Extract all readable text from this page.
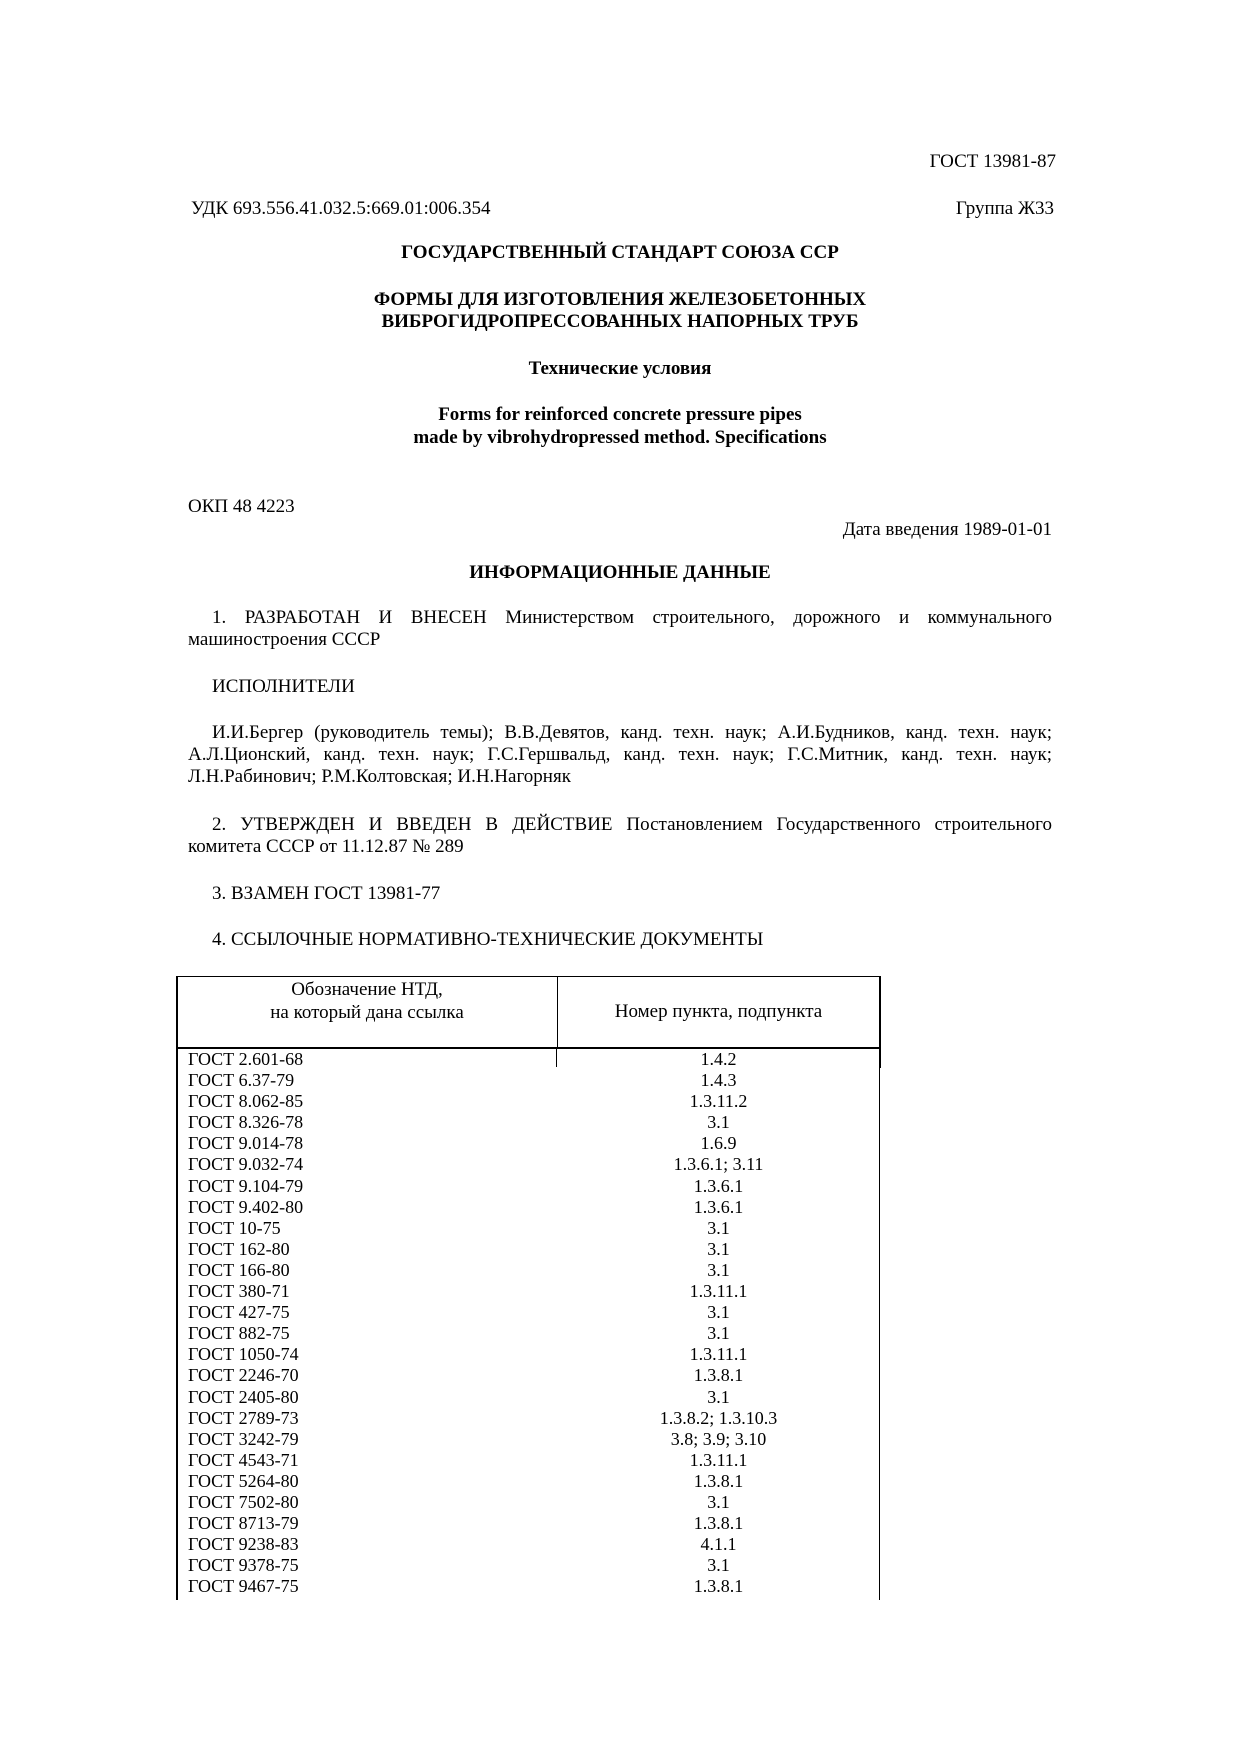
ГОСТ 13981-87
УДК 693.556.41.032.5:669.01:006.354	Группа Ж33
ГОСУДАРСТВЕННЫЙ СТАНДАРТ СОЮЗА ССР
ФОРМЫ ДЛЯ ИЗГОТОВЛЕНИЯ ЖЕЛЕЗОБЕТОННЫХ
ВИБРОГИДРОПРЕССОВАННЫХ НАПОРНЫХ ТРУБ
Технические условия
Forms for reinforced concrete pressure pipes
made by vibrohydropressed method. Specifications
ОКП 48 4223
Дата введения 1989-01-01
ИНФОРМАЦИОННЫЕ ДАННЫЕ
1. РАЗРАБОТАН И ВНЕСЕН Министерством строительного, дорожного и коммунального машиностроения СССР
ИСПОЛНИТЕЛИ
И.И.Бергер (руководитель темы); В.В.Девятов, канд. техн. наук; А.И.Будников, канд. техн. наук; А.Л.Ционский, канд. техн. наук; Г.С.Гершвальд, канд. техн. наук; Г.С.Митник, канд. техн. наук; Л.Н.Рабинович; Р.М.Колтовская; И.Н.Нагорняк
2. УТВЕРЖДЕН И ВВЕДЕН В ДЕЙСТВИЕ Постановлением Государственного строительного комитета СССР от 11.12.87 № 289
3. ВЗАМЕН ГОСТ 13981-77
4. ССЫЛОЧНЫЕ НОРМАТИВНО-ТЕХНИЧЕСКИЕ ДОКУМЕНТЫ
Обозначение НТД,
на который дана ссылка	Номер пункта, подпункта
ГОСТ 2.601-68	1.4.2
ГОСТ 6.37-79	1.4.3
ГОСТ 8.062-85	1.3.11.2
ГОСТ 8.326-78	3.1
ГОСТ 9.014-78	1.6.9
ГОСТ 9.032-74	1.3.6.1; 3.11
ГОСТ 9.104-79	1.3.6.1
ГОСТ 9.402-80	1.3.6.1
ГОСТ 10-75	3.1
ГОСТ 162-80	3.1
ГОСТ 166-80	3.1
ГОСТ 380-71	1.3.11.1
ГОСТ 427-75	3.1
ГОСТ 882-75	3.1
ГОСТ 1050-74	1.3.11.1
ГОСТ 2246-70	1.3.8.1
ГОСТ 2405-80	3.1
ГОСТ 2789-73	1.3.8.2; 1.3.10.3
ГОСТ 3242-79	3.8; 3.9; 3.10
ГОСТ 4543-71	1.3.11.1
ГОСТ 5264-80	1.3.8.1
ГОСТ 7502-80	3.1
ГОСТ 8713-79	1.3.8.1
ГОСТ 9238-83	4.1.1
ГОСТ 9378-75	3.1
ГОСТ 9467-75	1.3.8.1
